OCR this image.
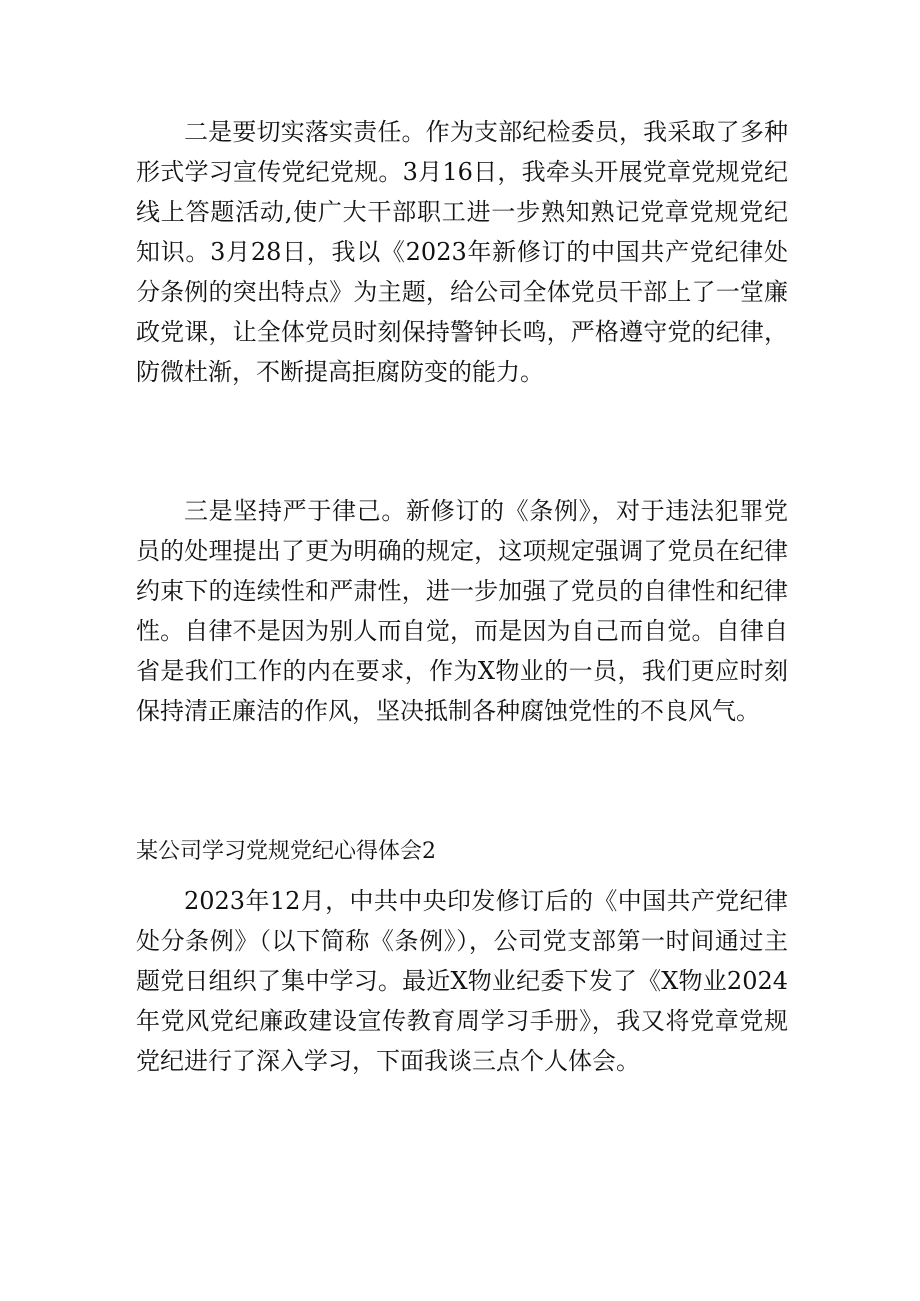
二是要切实落实责任。作为支部纪检委员，我采取了多种形式学习宣传党纪党规。3月16日，我牵头开展党章党规党纪线上答题活动,使广大干部职工进一步熟知熟记党章党规党纪知识。3月28日，我以《2023年新修订的中国共产党纪律处分条例的突出特点》为主题，给公司全体党员干部上了一堂廉政党课，让全体党员时刻保持警钟长鸣，严格遵守党的纪律，防微杜渐，不断提高拒腐防变的能力。

三是坚持严于律己。新修订的《条例》，对于违法犯罪党员的处理提出了更为明确的规定，这项规定强调了党员在纪律约束下的连续性和严肃性，进一步加强了党员的自律性和纪律性。自律不是因为别人而自觉，而是因为自己而自觉。自律自省是我们工作的内在要求，作为X物业的一员，我们更应时刻保持清正廉洁的作风，坚决抵制各种腐蚀党性的不良风气。

某公司学习党规党纪心得体会2

2023年12月，中共中央印发修订后的《中国共产党纪律处分条例》（以下简称《条例》），公司党支部第一时间通过主题党日组织了集中学习。最近X物业纪委下发了《X物业2024年党风党纪廉政建设宣传教育周学习手册》，我又将党章党规党纪进行了深入学习，下面我谈三点个人体会。
